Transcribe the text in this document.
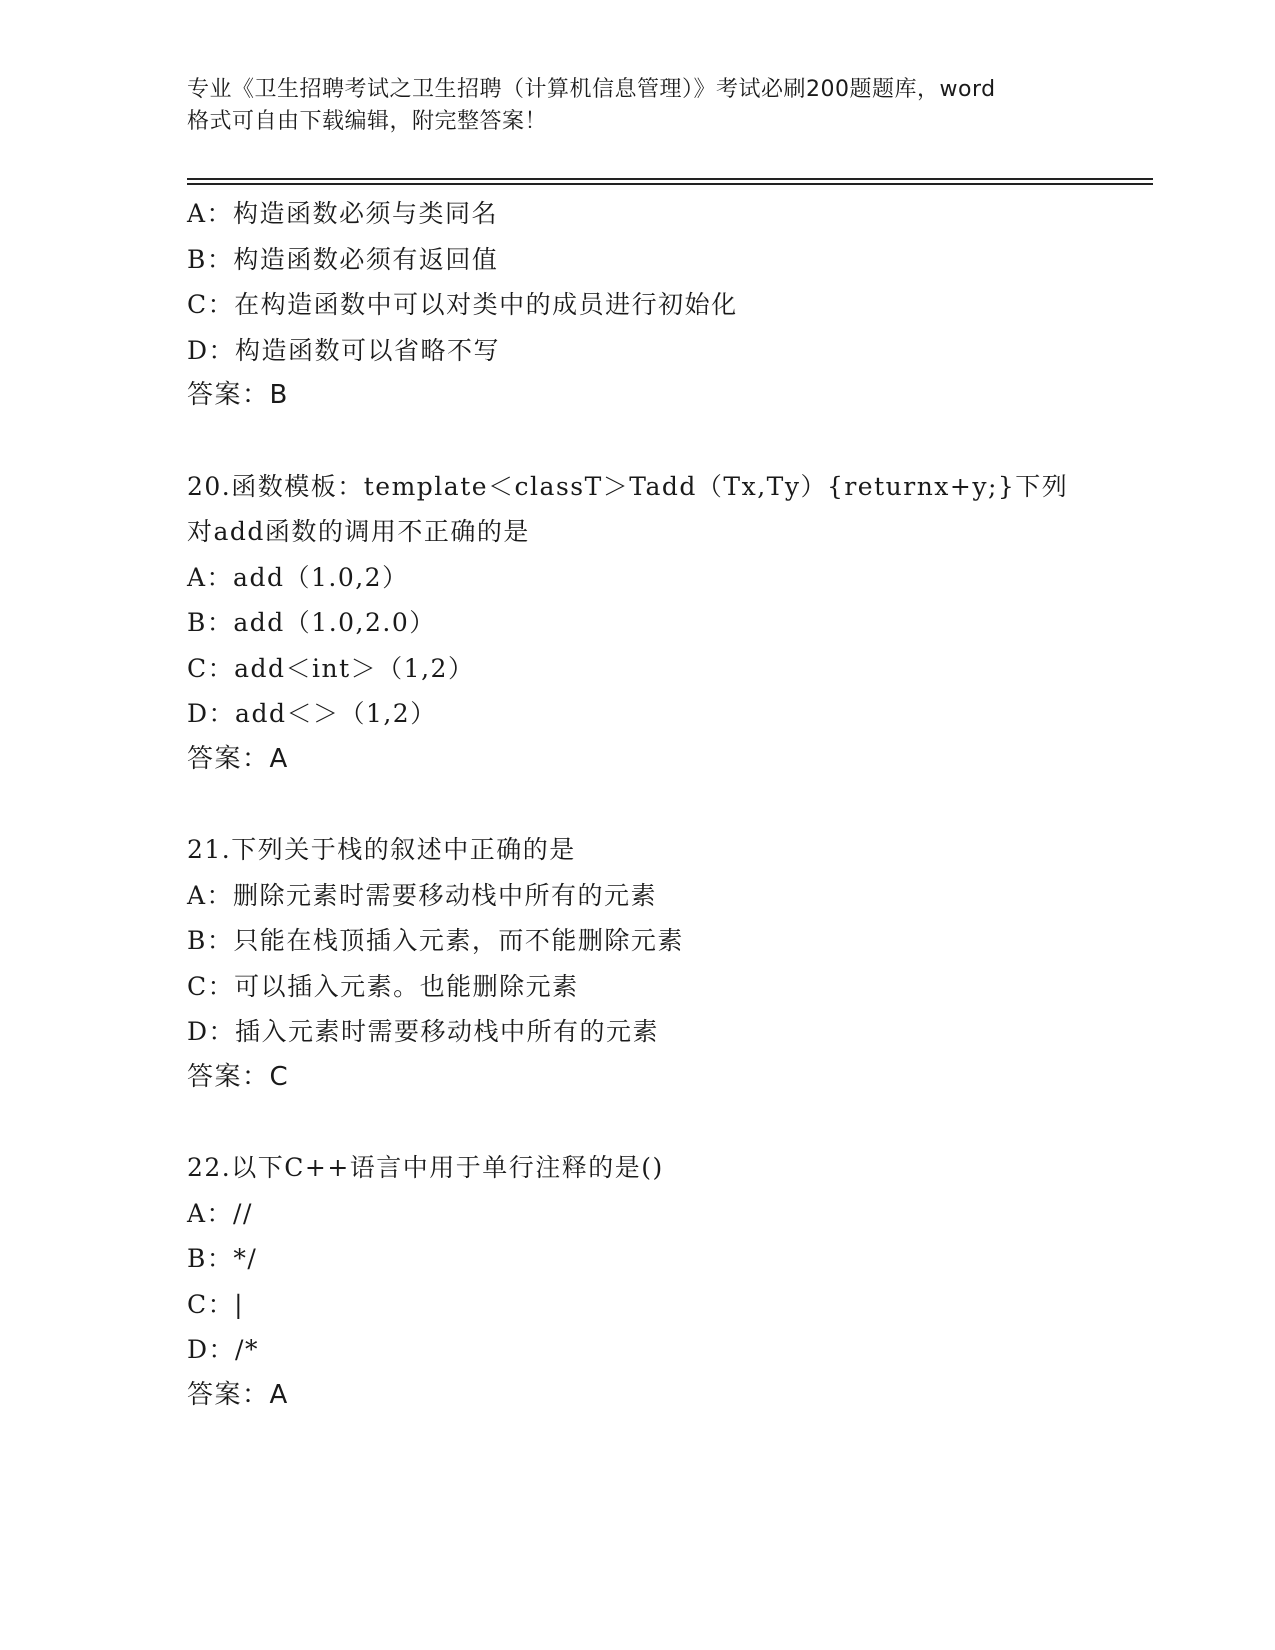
专业《卫生招聘考试之卫生招聘（计算机信息管理）》考试必刷200题题库，word
格式可自由下载编辑，附完整答案！
A：构造函数必须与类同名
B：构造函数必须有返回值
C：在构造函数中可以对类中的成员进行初始化
D：构造函数可以省略不写
答案：B
20.函数模板：template＜classT＞Tadd（Tx,Ty）{returnx+y;}下列
对add函数的调用不正确的是
A：add（1.0,2）
B：add（1.0,2.0）
C：add＜int＞（1,2）
D：add＜＞（1,2）
答案：A
21.下列关于栈的叙述中正确的是
A：删除元素时需要移动栈中所有的元素
B：只能在栈顶插入元素，而不能删除元素
C：可以插入元素。也能删除元素
D：插入元素时需要移动栈中所有的元素
答案：C
22.以下C++语言中用于单行注释的是()
A：//
B：*/
C：|
D：/*
答案：A
